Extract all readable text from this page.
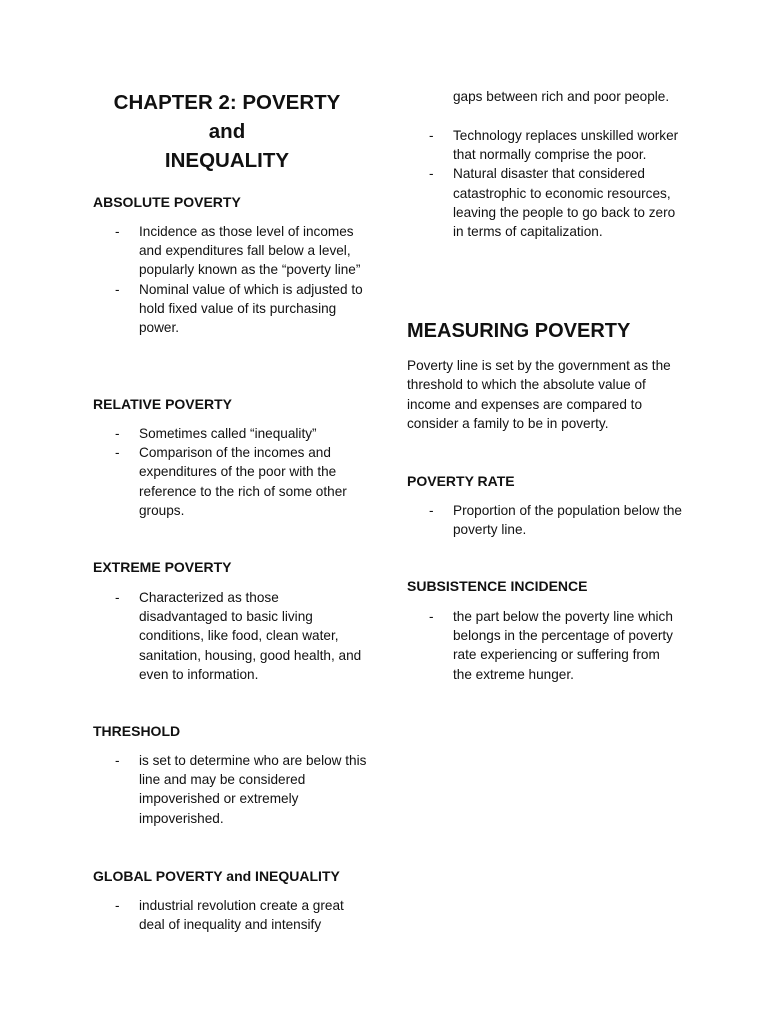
CHAPTER 2: POVERTY and
INEQUALITY
ABSOLUTE POVERTY
- Incidence as those level of incomes and expenditures fall below a level, popularly known as the “poverty line”
- Nominal value of which is adjusted to hold fixed value of its purchasing power.
RELATIVE POVERTY
- Sometimes called “inequality”
- Comparison of the incomes and expenditures of the poor with the reference to the rich of some other groups.
EXTREME POVERTY
- Characterized as those disadvantaged to basic living conditions, like food, clean water, sanitation, housing, good health, and even to information.
THRESHOLD
- is set to determine who are below this line and may be considered impoverished or extremely impoverished.
GLOBAL POVERTY and INEQUALITY
- industrial revolution create a great deal of inequality and intensify
gaps between rich and poor people.
- Technology replaces unskilled worker that normally comprise the poor.
- Natural disaster that considered catastrophic to economic resources, leaving the people to go back to zero in terms of capitalization.
MEASURING POVERTY
Poverty line is set by the government as the threshold to which the absolute value of income and expenses are compared to consider a family to be in poverty.
POVERTY RATE
- Proportion of the population below the poverty line.
SUBSISTENCE INCIDENCE
- the part below the poverty line which belongs in the percentage of poverty rate experiencing or suffering from the extreme hunger.
